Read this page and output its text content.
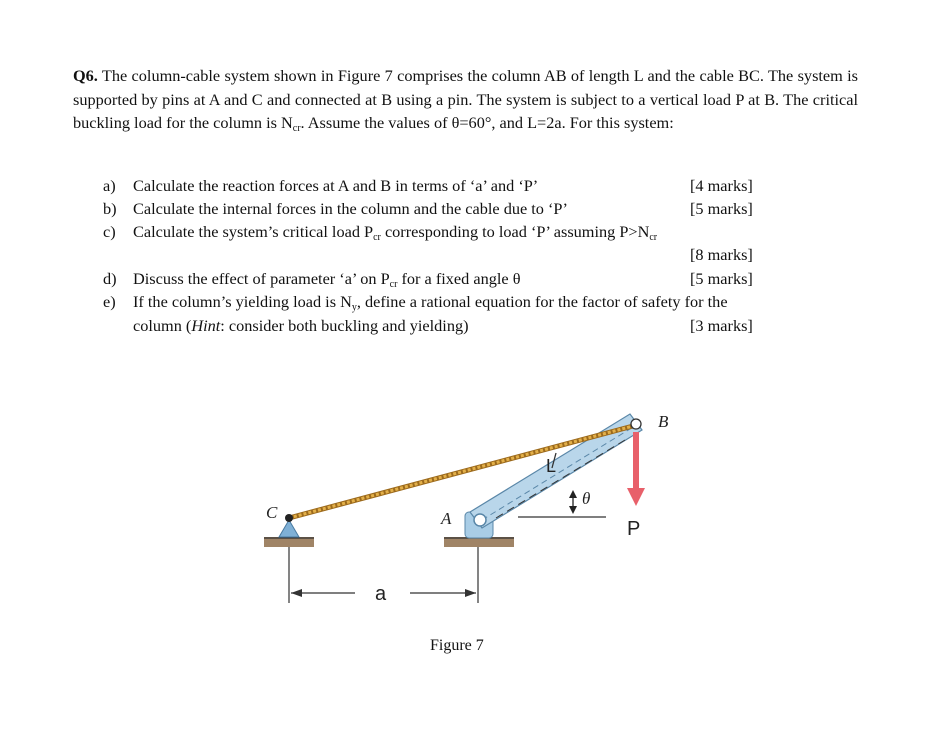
Q6. The column-cable system shown in Figure 7 comprises the column AB of length L and the cable BC. The system is supported by pins at A and C and connected at B using a pin. The system is subject to a vertical load P at B. The critical buckling load for the column is $N_{cr}$. Assume the values of θ=60°, and L=2a. For this system:
a) Calculate the reaction forces at A and B in terms of ‘a’ and ‘P’	[4 marks]
b) Calculate the internal forces in the column and the cable due to ‘P’	[5 marks]
c) Calculate the system’s critical load $P_{cr}$ corresponding to load ‘P’ assuming $P>N_{cr}$
[8 marks]
d) Discuss the effect of parameter ‘a’ on $P_{cr}$ for a fixed angle θ	[5 marks]
e) If the column’s yielding load is $N_y$, define a rational equation for the factor of safety for the
column (Hint: consider both buckling and yielding)	[3 marks]
B
A
C
L
θ
P
a
Figure 7
